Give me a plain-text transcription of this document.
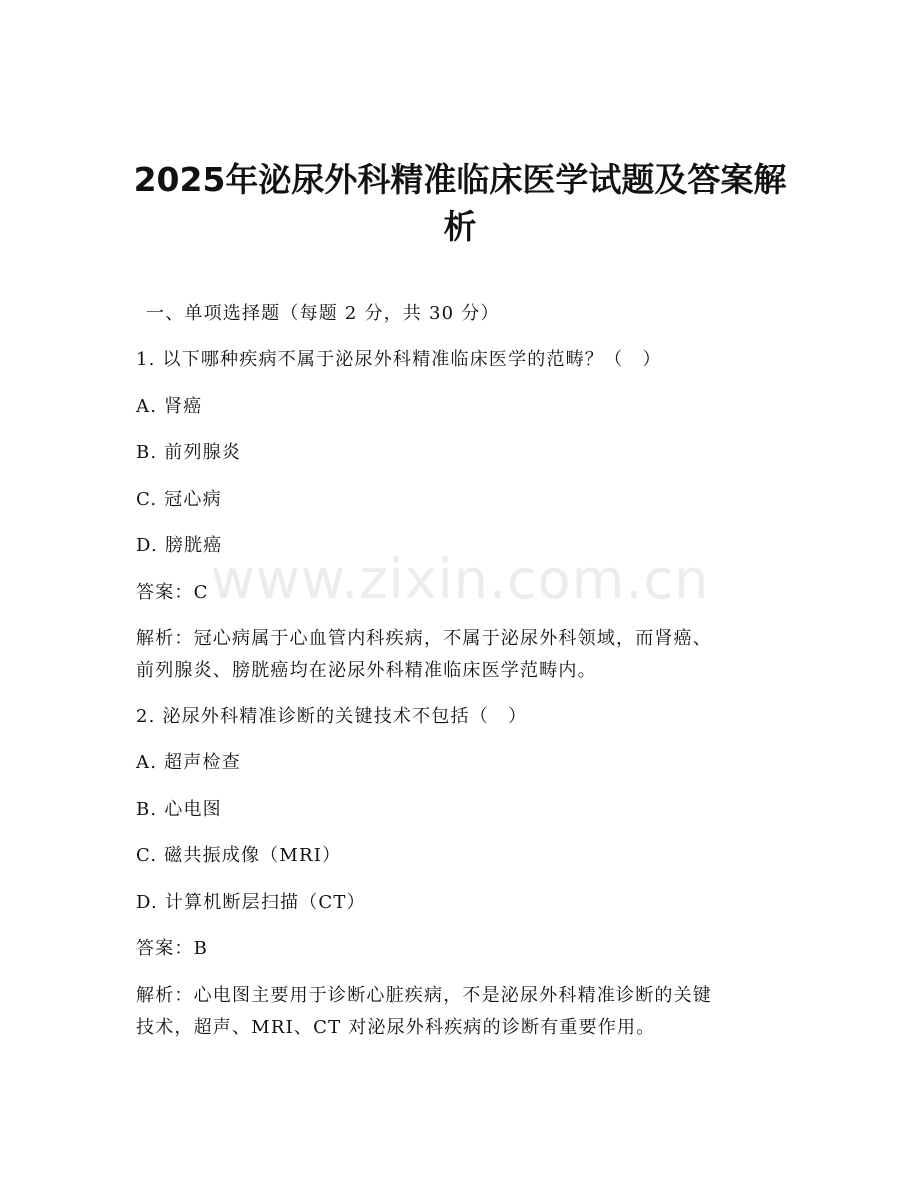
2025年泌尿外科精准临床医学试题及答案解
析

一、单项选择题（每题 2 分，共 30 分）

1. 以下哪种疾病不属于泌尿外科精准临床医学的范畴？（　）

A. 肾癌

B. 前列腺炎

C. 冠心病

D. 膀胱癌

答案：C

解析：冠心病属于心血管内科疾病，不属于泌尿外科领域，而肾癌、

前列腺炎、膀胱癌均在泌尿外科精准临床医学范畴内。

2. 泌尿外科精准诊断的关键技术不包括（　）

A. 超声检查

B. 心电图

C. 磁共振成像（MRI）

D. 计算机断层扫描（CT）

答案：B

解析：心电图主要用于诊断心脏疾病，不是泌尿外科精准诊断的关键

技术，超声、MRI、CT 对泌尿外科疾病的诊断有重要作用。

www.zixin.com.cn
